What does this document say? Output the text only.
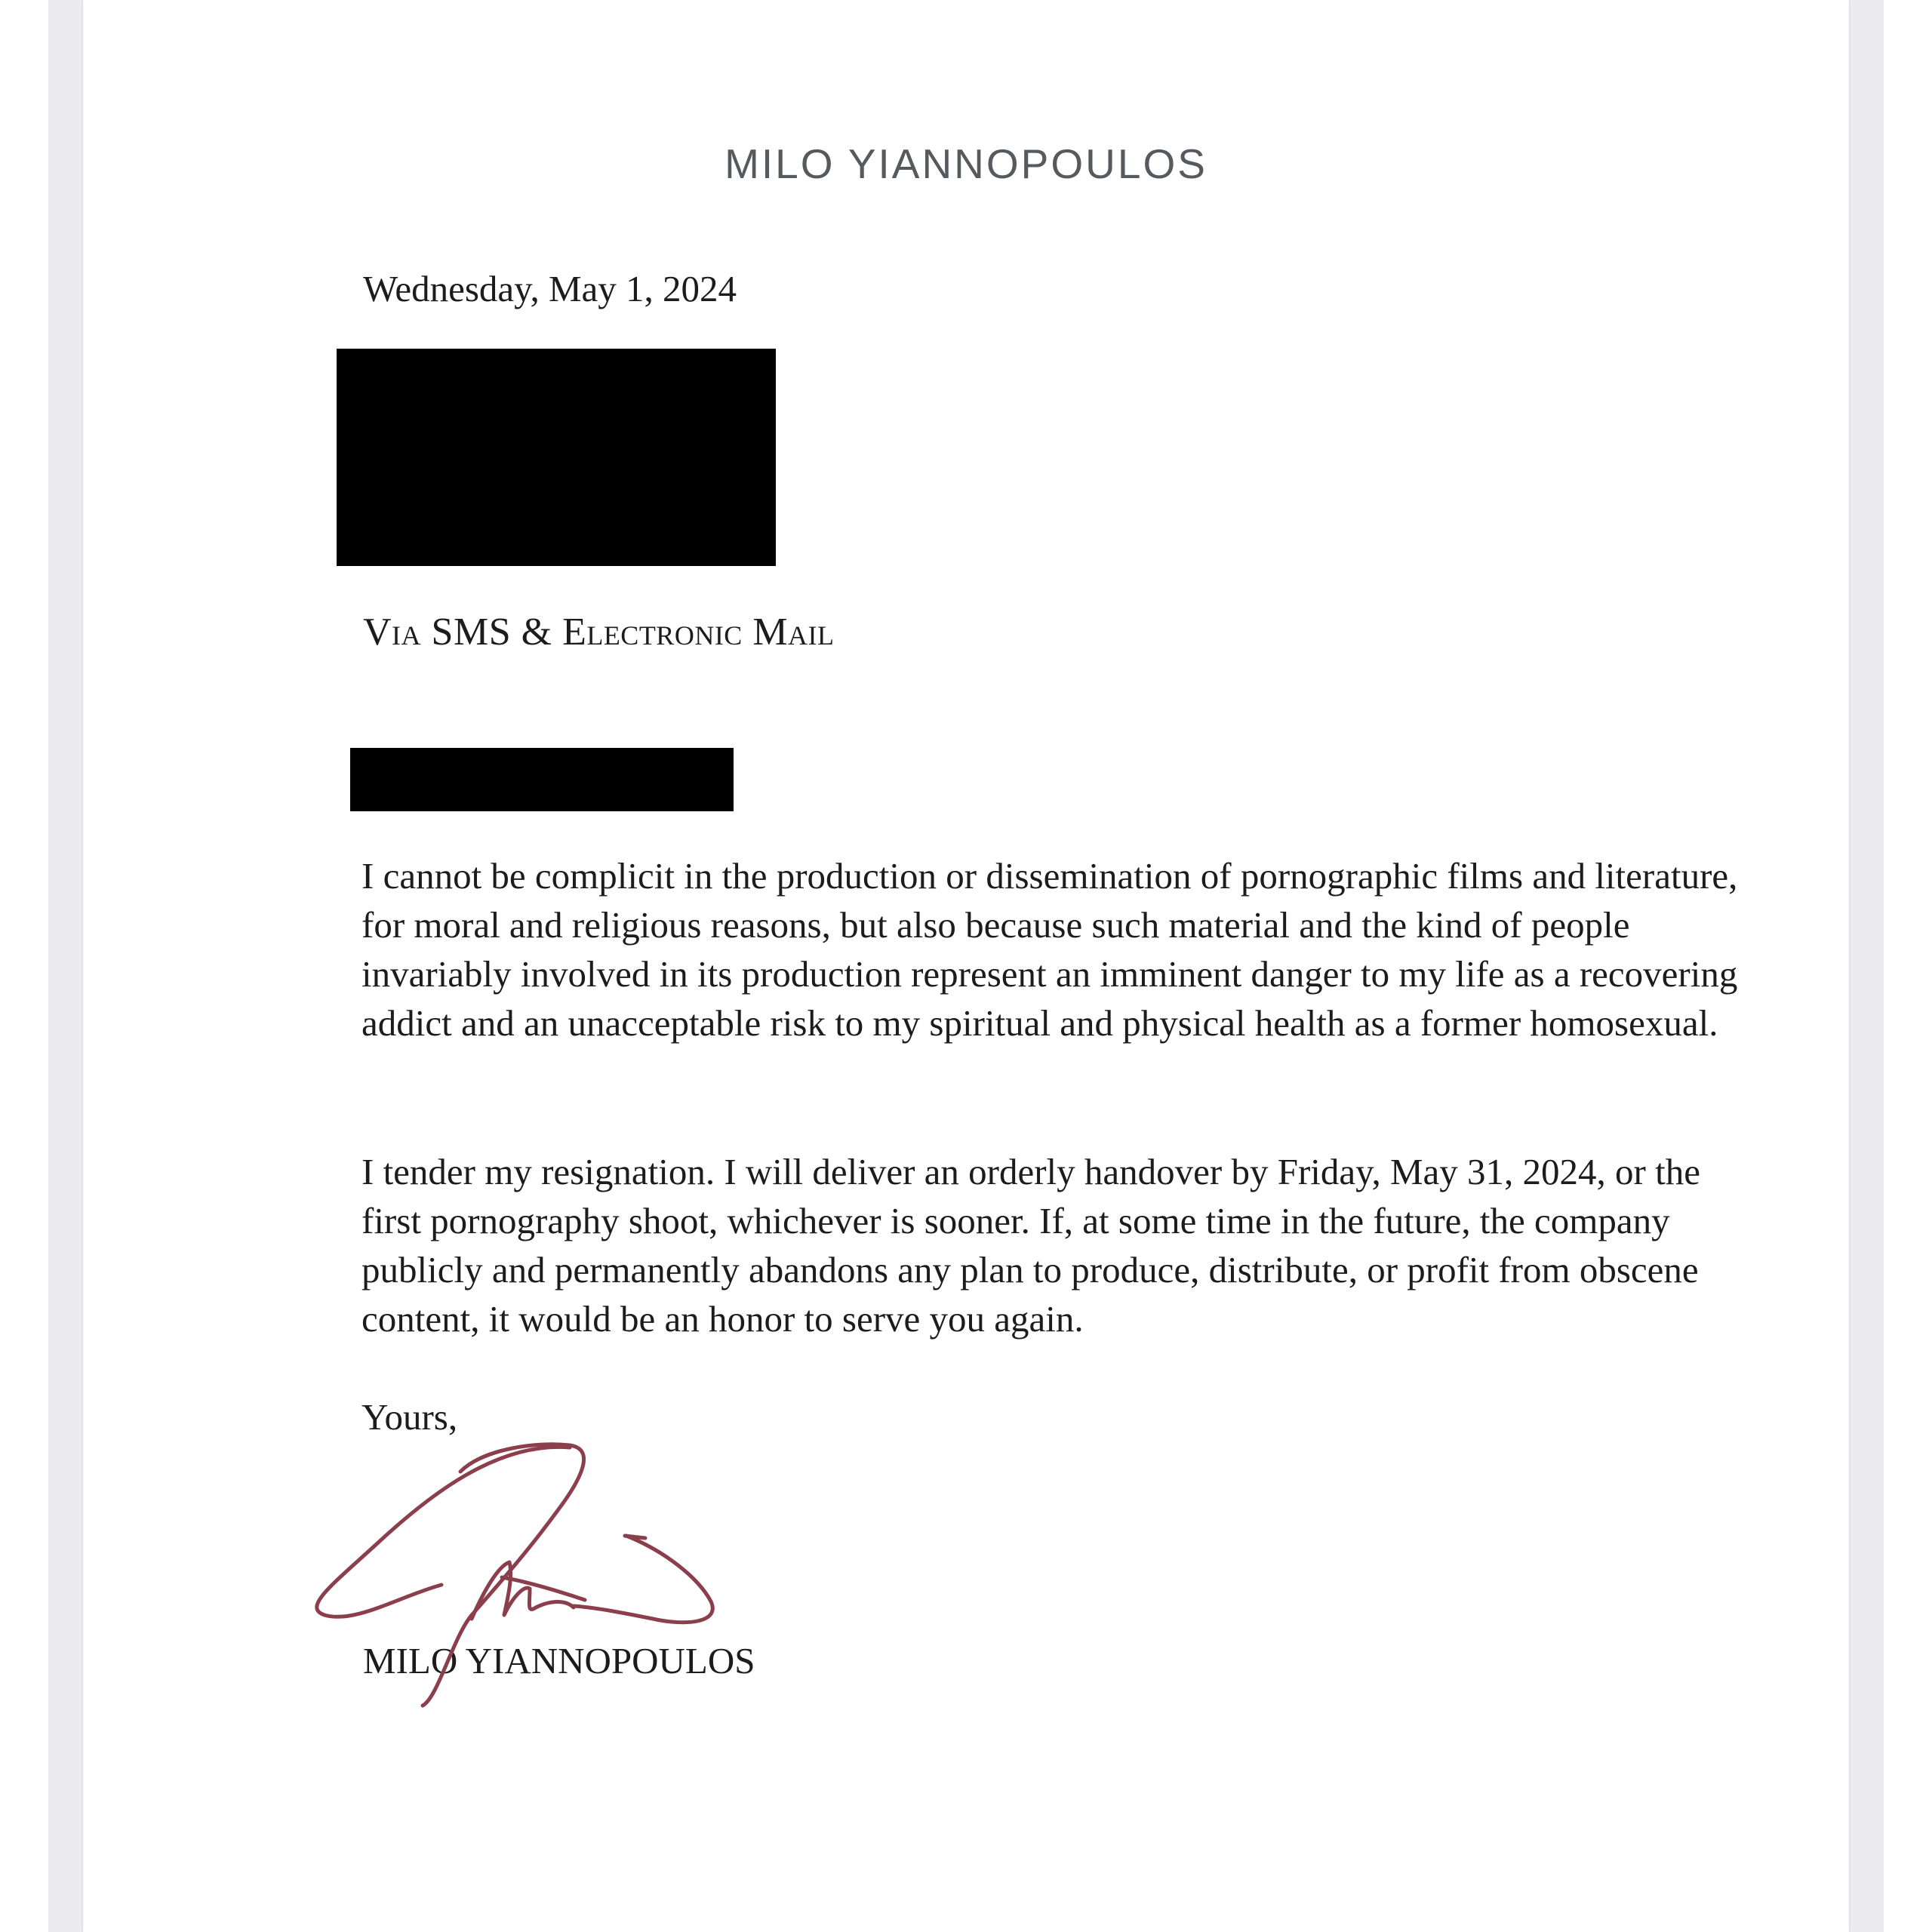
MILO YIANNOPOULOS
Wednesday, May 1, 2024
Via SMS & Electronic Mail
I cannot be complicit in the production or dissemination of pornographic films and literature, for moral and religious reasons, but also because such material and the kind of people invariably involved in its production represent an imminent danger to my life as a recovering addict and an unacceptable risk to my spiritual and physical health as a former homosexual.
I tender my resignation. I will deliver an orderly handover by Friday, May 31, 2024, or the first pornography shoot, whichever is sooner. If, at some time in the future, the company publicly and permanently abandons any plan to produce, distribute, or profit from obscene content, it would be an honor to serve you again.
Yours,
MILO YIANNOPOULOS
